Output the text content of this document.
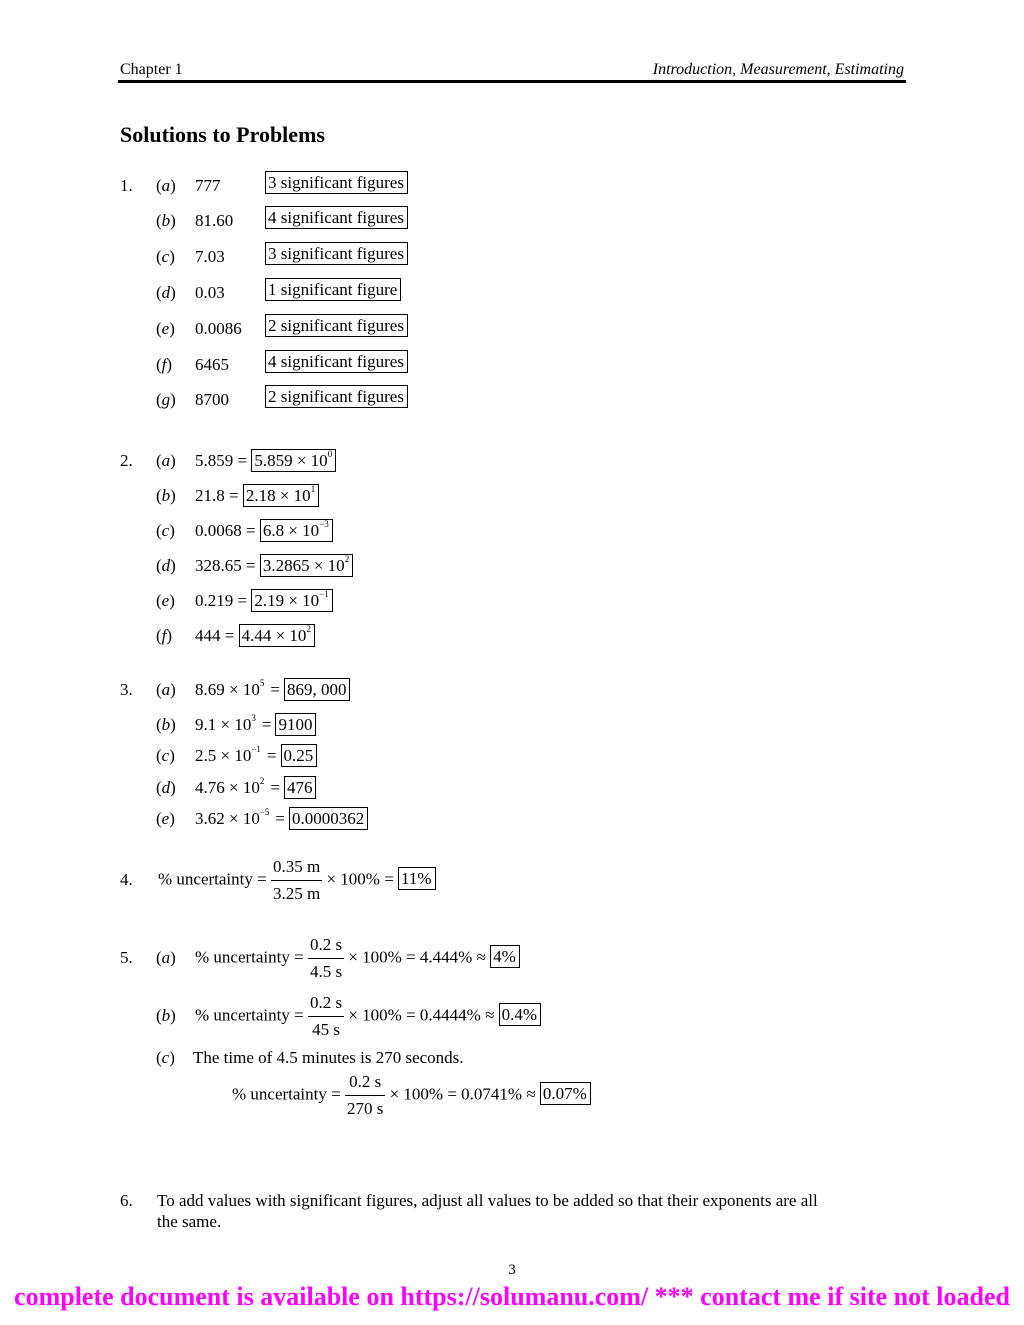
Chapter 1	Introduction, Measurement, Estimating
Solutions to Problems
1. (a) 777	3 significant figures
(b) 81.60 4 significant figures
(c) 7.03	3 significant figures
(d) 0.03	1 significant figure
(e) 0.0086 2 significant figures
(f) 6465 4 significant figures
(g) 8700 2 significant figures
2. (a) $5.859 = 5.859 \times 10^0$
(b) $21.8 = 2.18 \times 10^1$
(c) $0.0068 = 6.8 \times 10^{-3}$
(d) $328.65 = 3.2865 \times 10^2$
(e) $0.219 = 2.19 \times 10^{-1}$
(f) $444 = 4.44 \times 10^2$
3. (a) $8.69 \times 10^5 = 869$, 000
(b) $9.1 \times 10^3 = 9100$
(c) $2.5 \times 10^{-1} = 0.25$
(d) $4.76 \times 10^2 = 476$
(e) $3.62 \times 10^{-5} = 0.0000362$
4. % uncertainty = $\frac{0.35 m}{3.25 m} \times 100\% = 11\%$
5. (a) % uncertainty = $\frac{0.2 s}{4.5 s} \times 100\% = 4.444\% \approx 4\%$
(b) % uncertainty = $\frac{0.2 s}{45 s} \times 100\% = 0.4444\% \approx 0.4\%$
(c) The time of 4.5 minutes is 270 seconds.
% uncertainty = $\frac{0.2 s}{270 s} \times 100\% = 0.0741\% \approx 0.07\%$
6. To add values with significant figures, adjust all values to be added so that their exponents are all
the same.
3
complete document is available on https://solumanu.com/ *** contact me if site not loaded
